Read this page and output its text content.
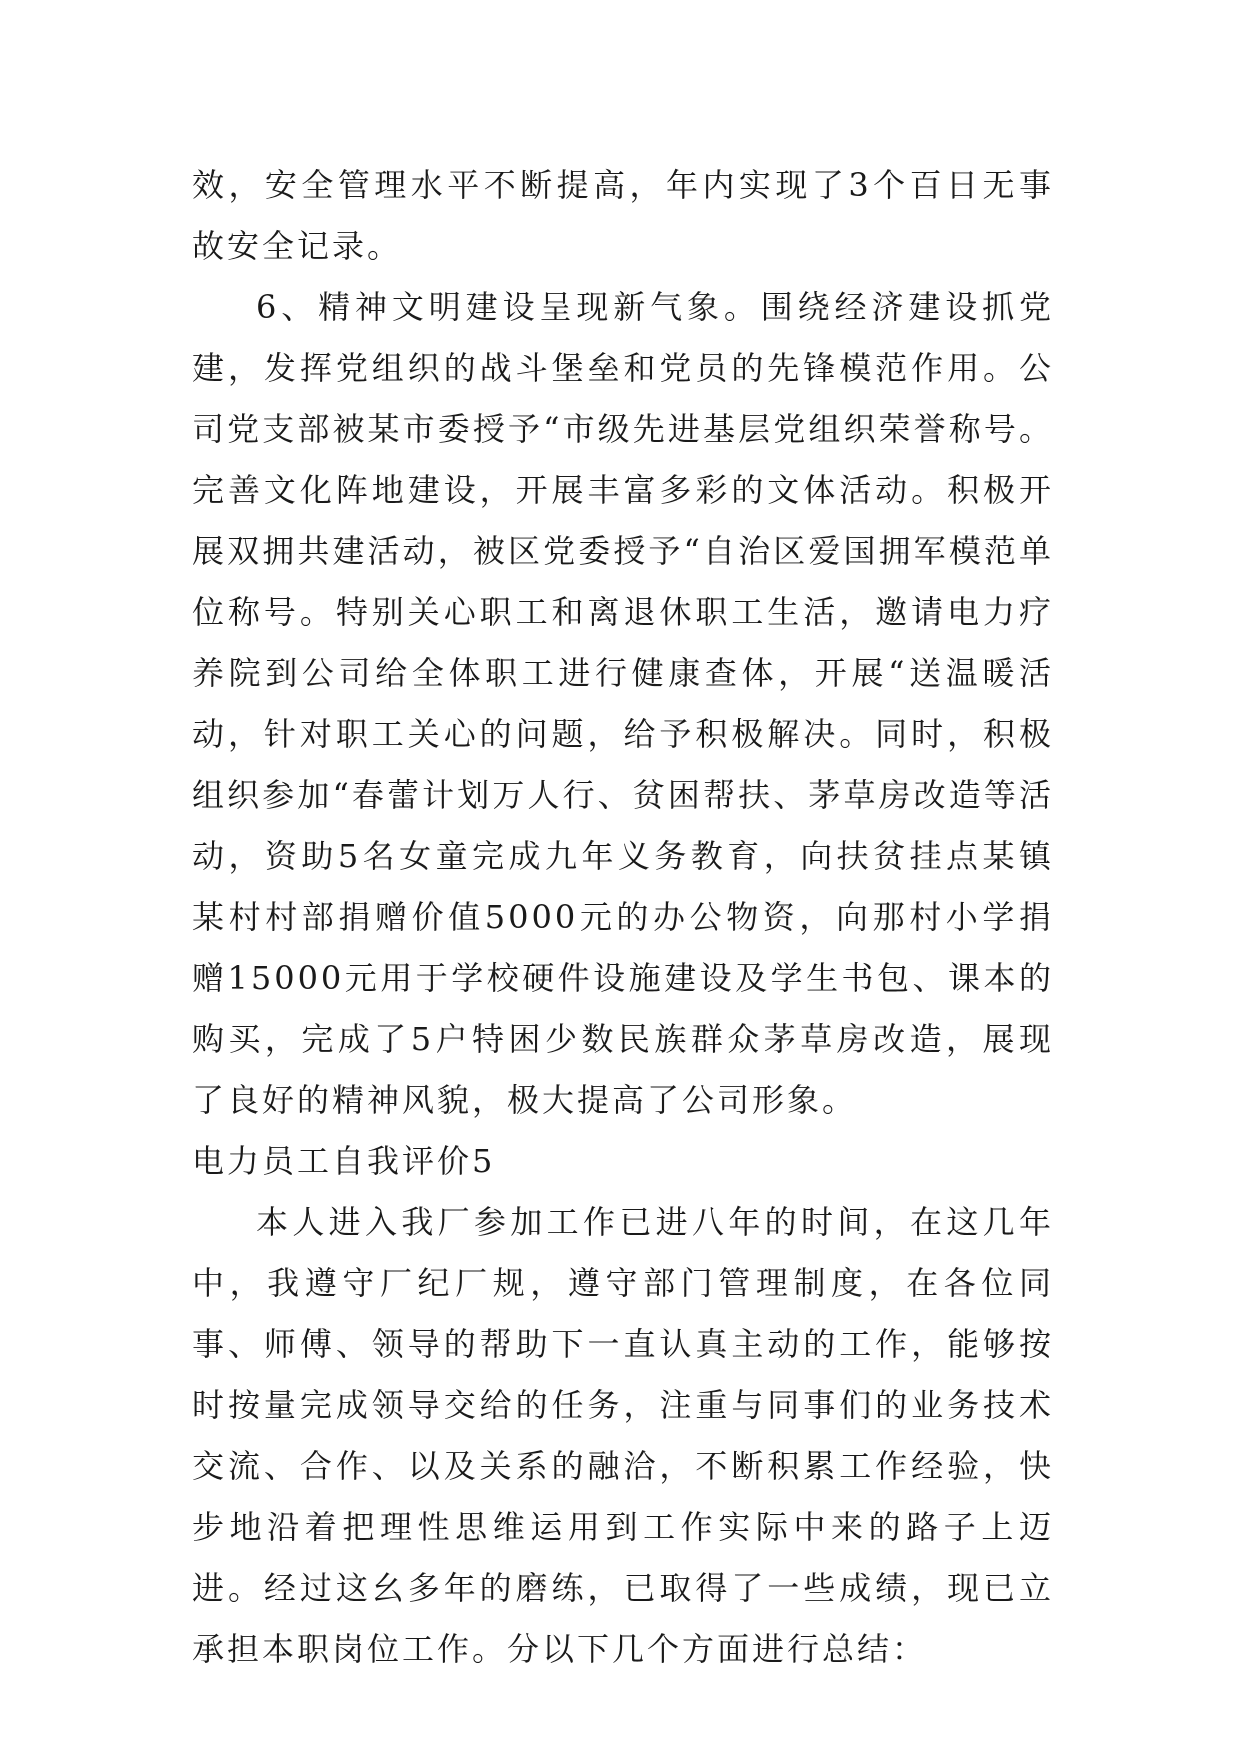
效，安全管理水平不断提高，年内实现了3个百日无事故安全记录。

6、精神文明建设呈现新气象。围绕经济建设抓党建，发挥党组织的战斗堡垒和党员的先锋模范作用。公司党支部被某市委授予“市级先进基层党组织荣誉称号。完善文化阵地建设，开展丰富多彩的文体活动。积极开展双拥共建活动，被区党委授予“自治区爱国拥军模范单位称号。特别关心职工和离退休职工生活，邀请电力疗养院到公司给全体职工进行健康查体，开展“送温暖活动，针对职工关心的问题，给予积极解决。同时，积极组织参加“春蕾计划万人行、贫困帮扶、茅草房改造等活动，资助5名女童完成九年义务教育，向扶贫挂点某镇某村村部捐赠价值5000元的办公物资，向那村小学捐赠15000元用于学校硬件设施建设及学生书包、课本的购买，完成了5户特困少数民族群众茅草房改造，展现了良好的精神风貌，极大提高了公司形象。

电力员工自我评价5

本人进入我厂参加工作已进八年的时间，在这几年中，我遵守厂纪厂规，遵守部门管理制度，在各位同事、师傅、领导的帮助下一直认真主动的工作，能够按时按量完成领导交给的任务，注重与同事们的业务技术交流、合作、以及关系的融洽，不断积累工作经验，快步地沿着把理性思维运用到工作实际中来的路子上迈进。经过这幺多年的磨练，已取得了一些成绩，现已立承担本职岗位工作。分以下几个方面进行总结：
